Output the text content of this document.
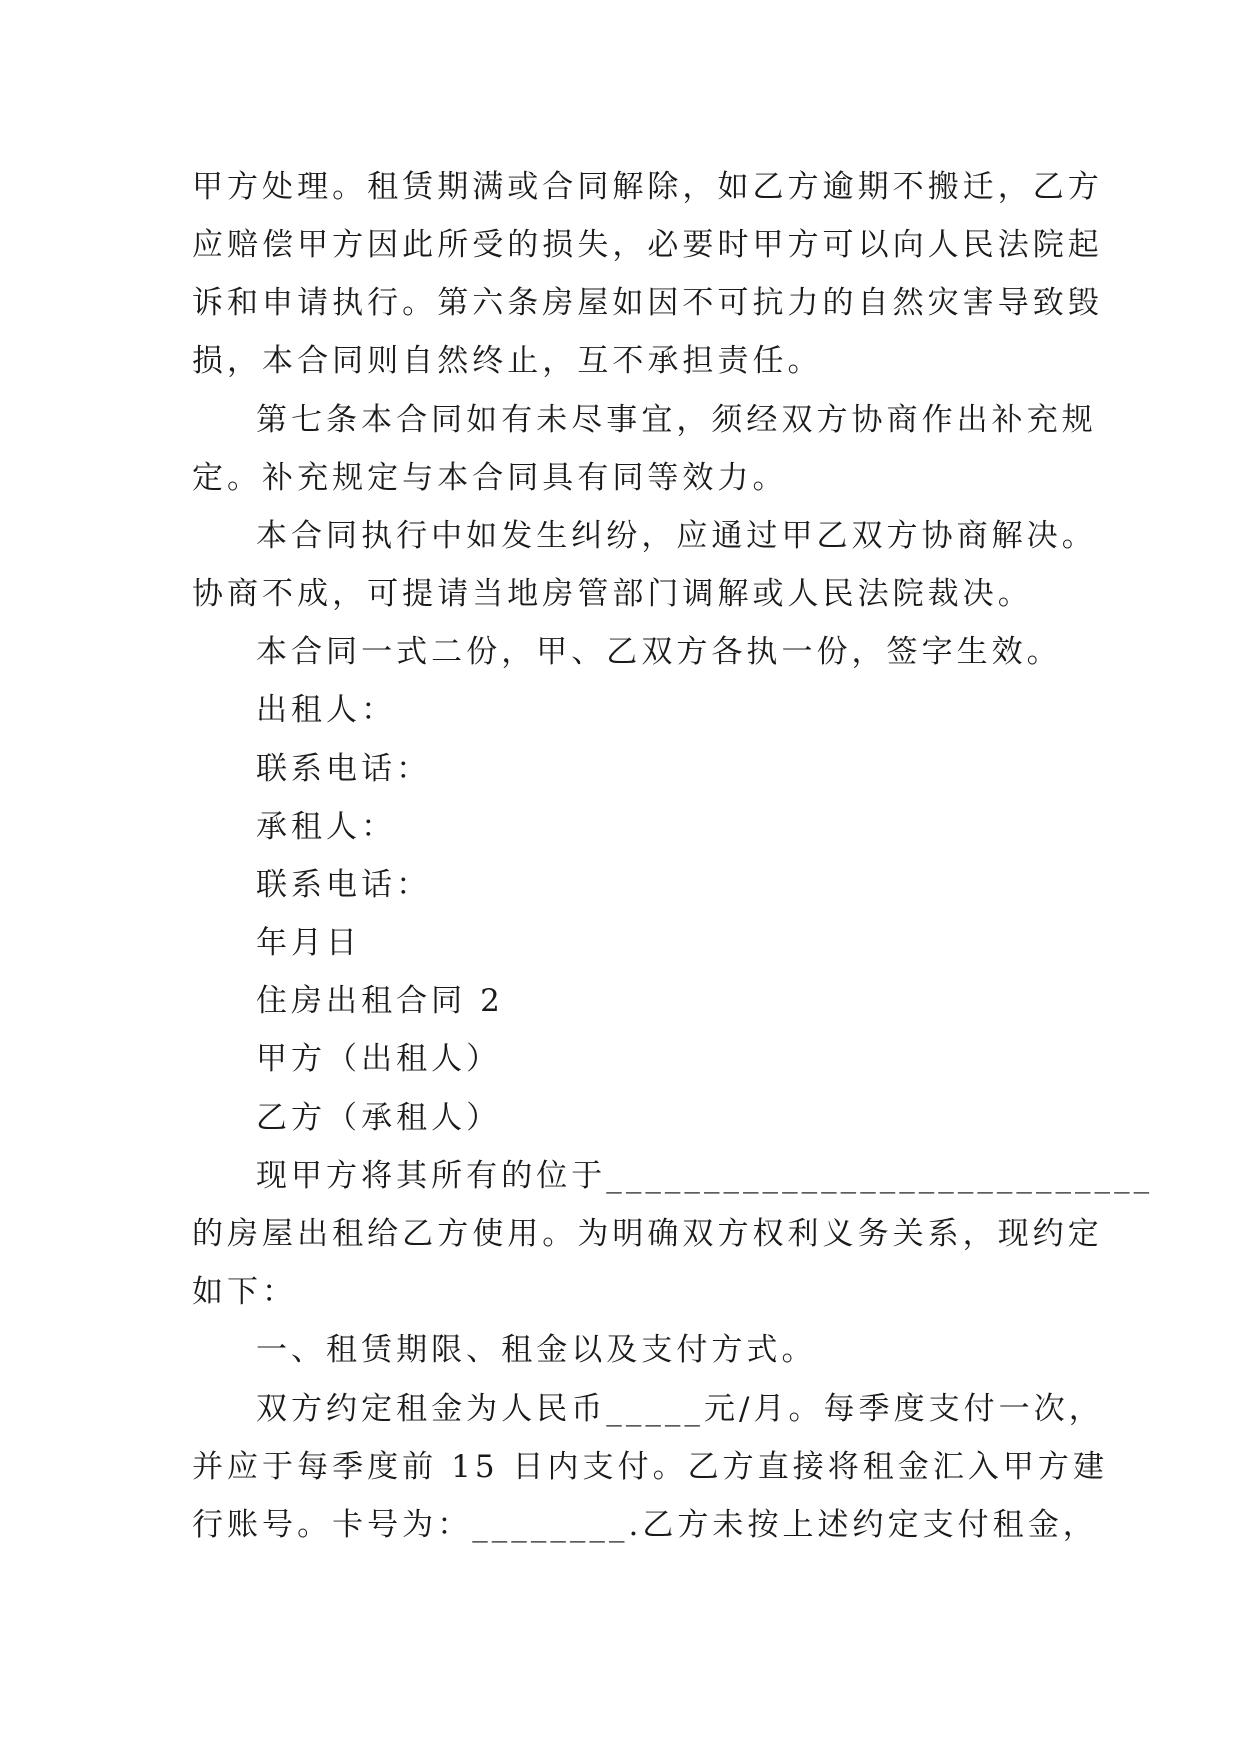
甲方处理。租赁期满或合同解除，如乙方逾期不搬迁，乙方
应赔偿甲方因此所受的损失，必要时甲方可以向人民法院起
诉和申请执行。第六条房屋如因不可抗力的自然灾害导致毁
损，本合同则自然终止，互不承担责任。
第七条本合同如有未尽事宜，须经双方协商作出补充规
定。补充规定与本合同具有同等效力。
本合同执行中如发生纠纷，应通过甲乙双方协商解决。
协商不成，可提请当地房管部门调解或人民法院裁决。
本合同一式二份，甲、乙双方各执一份，签字生效。
出租人：
联系电话：
承租人：
联系电话：
年月日
住房出租合同 2
甲方（出租人）
乙方（承租人）
现甲方将其所有的位于____________________________
的房屋出租给乙方使用。为明确双方权利义务关系，现约定
如下：
一、租赁期限、租金以及支付方式。
双方约定租金为人民币_____元/月。每季度支付一次，
并应于每季度前 15 日内支付。乙方直接将租金汇入甲方建
行账号。卡号为：________.乙方未按上述约定支付租金，
